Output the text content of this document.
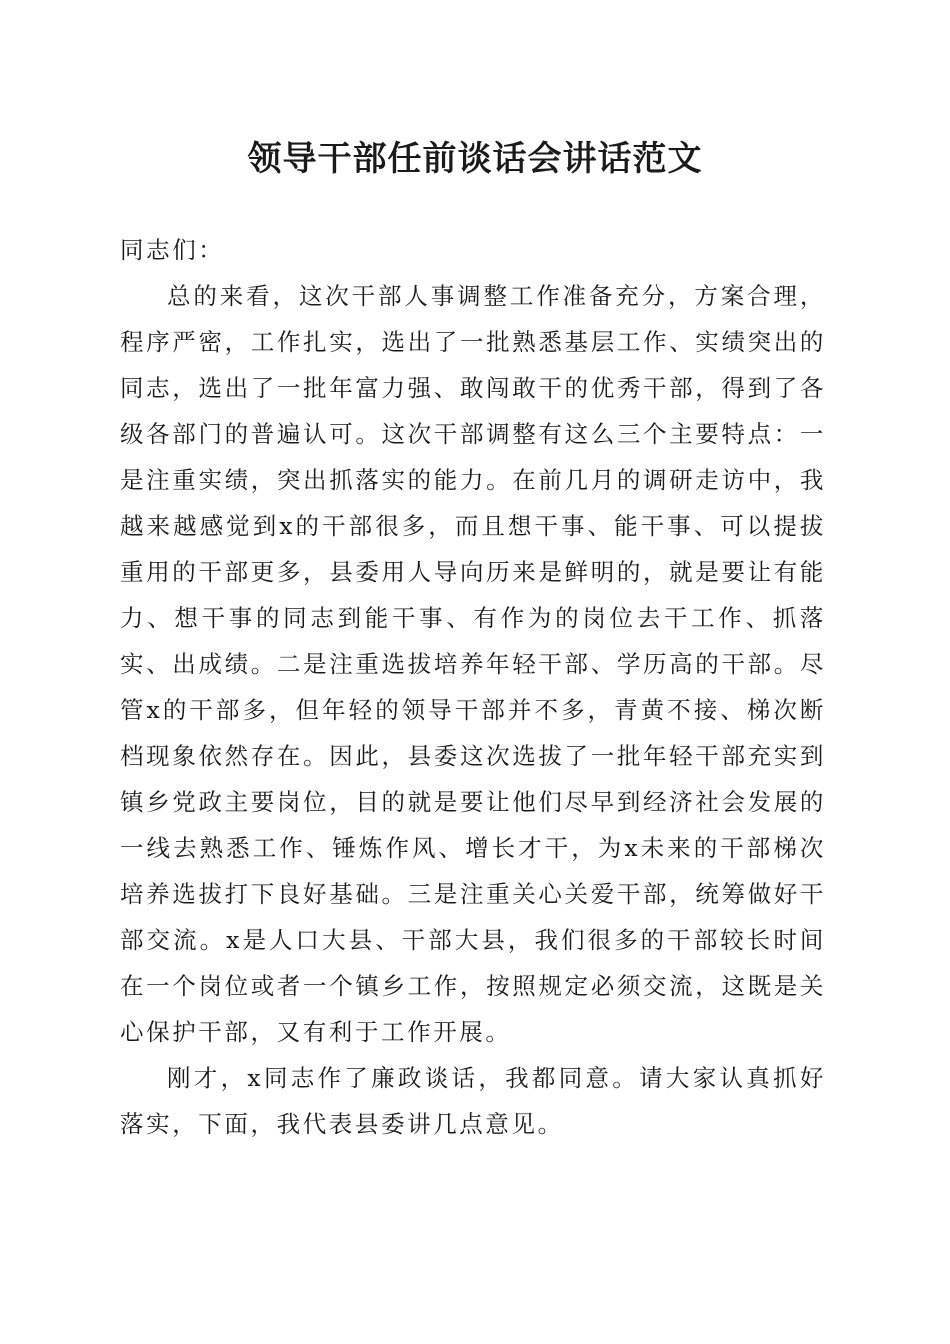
领导干部任前谈话会讲话范文

同志们：

总的来看，这次干部人事调整工作准备充分，方案合理，程序严密，工作扎实，选出了一批熟悉基层工作、实绩突出的同志，选出了一批年富力强、敢闯敢干的优秀干部，得到了各级各部门的普遍认可。这次干部调整有这么三个主要特点：一是注重实绩，突出抓落实的能力。在前几月的调研走访中，我越来越感觉到x的干部很多，而且想干事、能干事、可以提拔重用的干部更多，县委用人导向历来是鲜明的，就是要让有能力、想干事的同志到能干事、有作为的岗位去干工作、抓落实、出成绩。二是注重选拔培养年轻干部、学历高的干部。尽管x的干部多，但年轻的领导干部并不多，青黄不接、梯次断档现象依然存在。因此，县委这次选拔了一批年轻干部充实到镇乡党政主要岗位，目的就是要让他们尽早到经济社会发展的一线去熟悉工作、锤炼作风、增长才干，为x未来的干部梯次培养选拔打下良好基础。三是注重关心关爱干部，统筹做好干部交流。x是人口大县、干部大县，我们很多的干部较长时间在一个岗位或者一个镇乡工作，按照规定必须交流，这既是关心保护干部，又有利于工作开展。

刚才，x同志作了廉政谈话，我都同意。请大家认真抓好落实，下面，我代表县委讲几点意见。
